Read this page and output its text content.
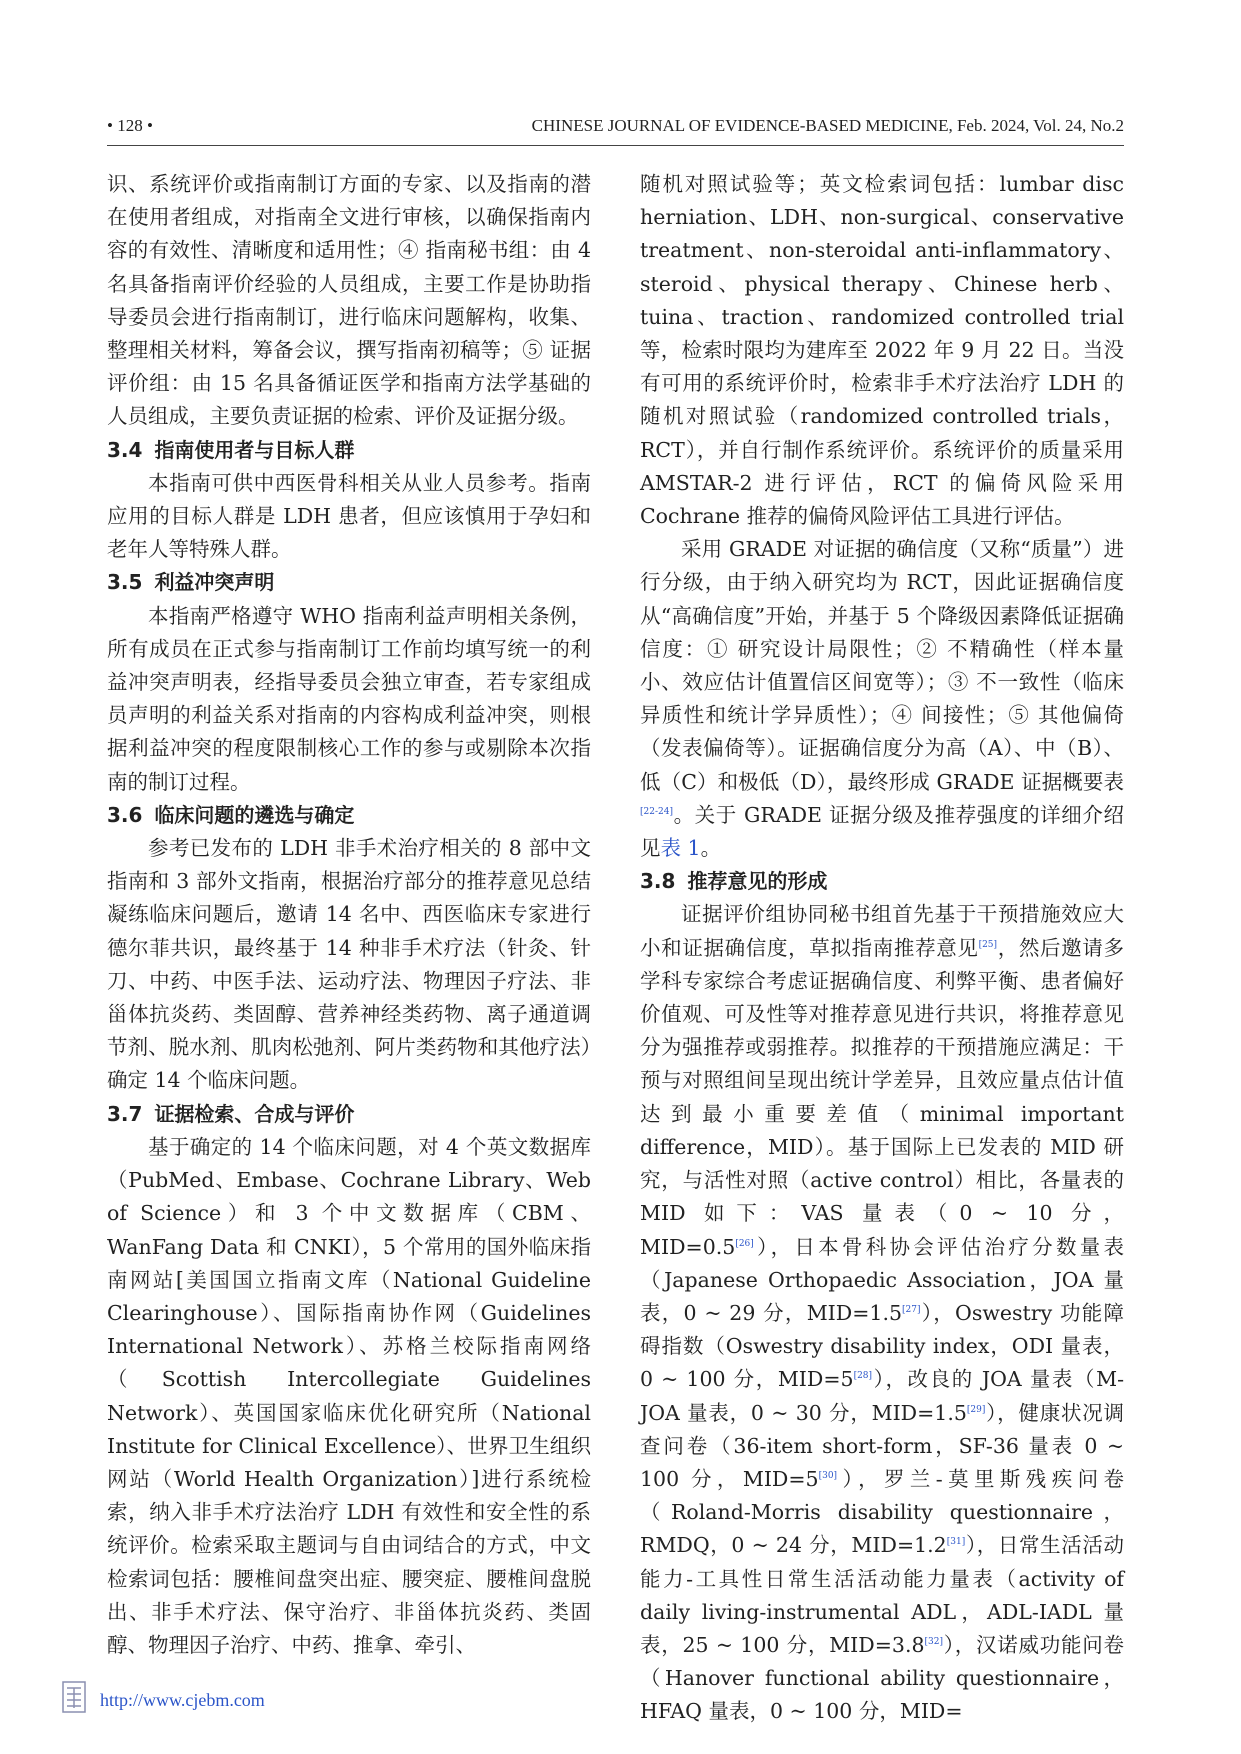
• 128 •	CHINESE JOURNAL OF EVIDENCE-BASED MEDICINE, Feb. 2024, Vol. 24, No.2

识、系统评价或指南制订方面的专家、以及指南的潜在使用者组成，对指南全文进行审核，以确保指南内容的有效性、清晰度和适用性；④ 指南秘书组：由 4 名具备指南评价经验的人员组成，主要工作是协助指导委员会进行指南制订，进行临床问题解构，收集、整理相关材料，筹备会议，撰写指南初稿等；⑤ 证据评价组：由 15 名具备循证医学和指南方法学基础的人员组成，主要负责证据的检索、评价及证据分级。

3.4 指南使用者与目标人群

本指南可供中西医骨科相关从业人员参考。指南应用的目标人群是 LDH 患者，但应该慎用于孕妇和老年人等特殊人群。

3.5 利益冲突声明

本指南严格遵守 WHO 指南利益声明相关条例，所有成员在正式参与指南制订工作前均填写统一的利益冲突声明表，经指导委员会独立审查，若专家组成员声明的利益关系对指南的内容构成利益冲突，则根据利益冲突的程度限制核心工作的参与或剔除本次指南的制订过程。

3.6 临床问题的遴选与确定

参考已发布的 LDH 非手术治疗相关的 8 部中文指南和 3 部外文指南，根据治疗部分的推荐意见总结凝练临床问题后，邀请 14 名中、西医临床专家进行德尔菲共识，最终基于 14 种非手术疗法（针灸、针刀、中药、中医手法、运动疗法、物理因子疗法、非甾体抗炎药、类固醇、营养神经类药物、离子通道调节剂、脱水剂、肌肉松弛剂、阿片类药物和其他疗法）确定 14 个临床问题。

3.7 证据检索、合成与评价

基于确定的 14 个临床问题，对 4 个英文数据库（PubMed、Embase、Cochrane Library、Web of Science）和 3 个中文数据库（CBM、WanFang Data 和 CNKI），5 个常用的国外临床指南网站[美国国立指南文库（National Guideline Clearinghouse）、国际指南协作网（Guidelines International Network）、苏格兰校际指南网络（Scottish Intercollegiate Guidelines Network）、英国国家临床优化研究所（National Institute for Clinical Excellence）、世界卫生组织网站（World Health Organization）]进行系统检索，纳入非手术疗法治疗 LDH 有效性和安全性的系统评价。检索采取主题词与自由词结合的方式，中文检索词包括：腰椎间盘突出症、腰突症、腰椎间盘脱出、非手术疗法、保守治疗、非甾体抗炎药、类固醇、物理因子治疗、中药、推拿、牵引、

随机对照试验等；英文检索词包括：lumbar disc herniation、LDH、non-surgical、conservative treatment、non-steroidal anti-inflammatory、steroid、physical therapy、Chinese herb、tuina、traction、randomized controlled trial 等，检索时限均为建库至 2022 年 9 月 22 日。当没有可用的系统评价时，检索非手术疗法治疗 LDH 的随机对照试验（randomized controlled trials，RCT），并自行制作系统评价。系统评价的质量采用 AMSTAR-2 进行评估，RCT 的偏倚风险采用 Cochrane 推荐的偏倚风险评估工具进行评估。

采用 GRADE 对证据的确信度（又称“质量”）进行分级，由于纳入研究均为 RCT，因此证据确信度从“高确信度”开始，并基于 5 个降级因素降低证据确信度：① 研究设计局限性；② 不精确性（样本量小、效应估计值置信区间宽等）；③ 不一致性（临床异质性和统计学异质性）；④ 间接性；⑤ 其他偏倚（发表偏倚等）。证据确信度分为高（A）、中（B）、低（C）和极低（D），最终形成 GRADE 证据概要表[22-24]。关于 GRADE 证据分级及推荐强度的详细介绍见表 1。

3.8 推荐意见的形成

证据评价组协同秘书组首先基于干预措施效应大小和证据确信度，草拟指南推荐意见[25]，然后邀请多学科专家综合考虑证据确信度、利弊平衡、患者偏好价值观、可及性等对推荐意见进行共识，将推荐意见分为强推荐或弱推荐。拟推荐的干预措施应满足：干预与对照组间呈现出统计学差异，且效应量点估计值达到最小重要差值（minimal important difference，MID）。基于国际上已发表的 MID 研究，与活性对照（active control）相比，各量表的 MID 如下：VAS 量表（0 ~ 10 分，MID=0.5[26]），日本骨科协会评估治疗分数量表（Japanese Orthopaedic Association，JOA 量表，0 ~ 29 分，MID=1.5[27]），Oswestry 功能障碍指数（Oswestry disability index，ODI 量表，0 ~ 100 分，MID=5[28]），改良的 JOA 量表（M-JOA 量表，0 ~ 30 分，MID=1.5[29]），健康状况调查问卷（36-item short-form，SF-36 量表 0 ~ 100 分，MID=5[30]），罗兰-莫里斯残疾问卷（Roland-Morris disability questionnaire，RMDQ，0 ~ 24 分，MID=1.2[31]），日常生活活动能力-工具性日常生活活动能力量表（activity of daily living-instrumental ADL，ADL-IADL 量表，25 ~ 100 分，MID=3.8[32]），汉诺威功能问卷（Hanover functional ability questionnaire，HFAQ 量表，0 ~ 100 分，MID=

http://www.cjebm.com
